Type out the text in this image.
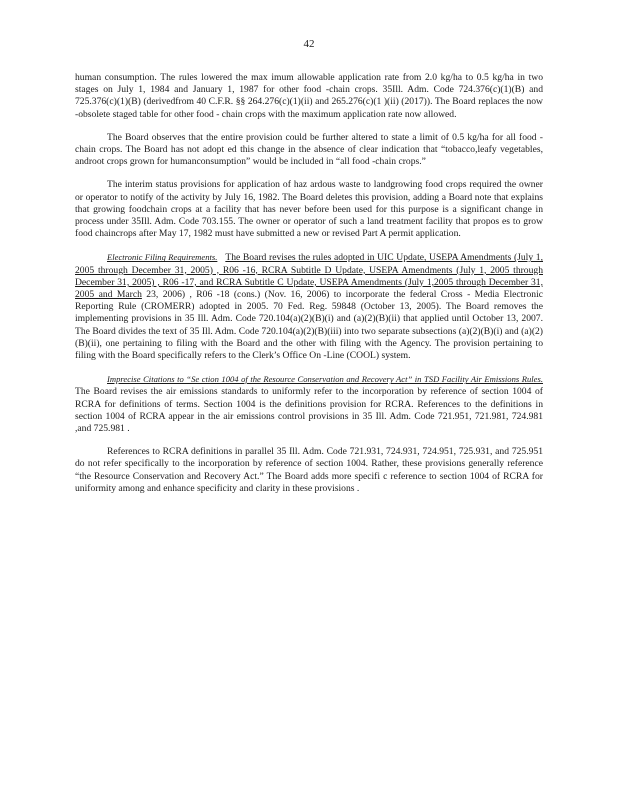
42

human consumption. The rules lowered the max imum allowable application rate from 2.0 kg/ha to 0.5 kg/ha in two stages on July 1, 1984 and January 1, 1987 for other food -chain crops. 35Ill. Adm. Code 724.376(c)(1)(B) and 725.376(c)(1)(B) (derivedfrom 40 C.F.R. §§ 264.276(c)(1)(ii) and 265.276(c)(1 )(ii) (2017)). The Board replaces the now -obsolete staged table for other food - chain crops with the maximum application rate now allowed.

The Board observes that the entire provision could be further altered to state a limit of 0.5 kg/ha for all food -chain crops. The Board has not adopt ed this change in the absence of clear indication that “tobacco,leafy vegetables, androot crops grown for humanconsumption” would be included in “all food -chain crops.”

The interim status provisions for application of haz ardous waste to landgrowing food crops required the owner or operator to notify of the activity by July 16, 1982. The Board deletes this provision, adding a Board note that explains that growing foodchain crops at a facility that has never before been used for this purpose is a significant change in process under 35Ill. Adm. Code 703.155. The owner or operator of such a land treatment facility that propos es to grow food chaincrops after May 17, 1982 must have submitted a new or revised Part A permit application.

Electronic Filing Requirements. The Board revises the rules adopted in UIC Update, USEPA Amendments (July 1, 2005 through December 31, 2005) , R06 -16, RCRA Subtitle D Update, USEPA Amendments (July 1, 2005 through December 31, 2005) , R06 -17, and RCRA Subtitle C Update, USEPA Amendments (July 1,2005 through December 31, 2005 and March 23, 2006) , R06 -18 (cons.) (Nov. 16, 2006) to incorporate the federal Cross - Media Electronic Reporting Rule (CROMERR) adopted in 2005. 70 Fed. Reg. 59848 (October 13, 2005). The Board removes the implementing provisions in 35 Ill. Adm. Code 720.104(a)(2)(B)(i) and (a)(2)(B)(ii) that applied until October 13, 2007. The Board divides the text of 35 Ill. Adm. Code 720.104(a)(2)(B)(iii) into two separate subsections (a)(2)(B)(i) and (a)(2)(B)(ii), one pertaining to filing with the Board and the other with filing with the Agency. The provision pertaining to filing with the Board specifically refers to the Clerk’s Office On -Line (COOL) system.

Imprecise Citations to “Se ction 1004 of the Resource Conservation and Recovery Act” in TSD Facility Air Emissions Rules. The Board revises the air emissions standards to uniformly refer to the incorporation by reference of section 1004 of RCRA for definitions of terms. Section 1004 is the definitions provision for RCRA. References to the definitions in section 1004 of RCRA appear in the air emissions control provisions in 35 Ill. Adm. Code 721.951, 721.981, 724.981 ,and 725.981 .

References to RCRA definitions in parallel 35 Ill. Adm. Code 721.931, 724.931, 724.951, 725.931, and 725.951 do not refer specifically to the incorporation by reference of section 1004. Rather, these provisions generally reference “the Resource Conservation and Recovery Act.” The Board adds more specifi c reference to section 1004 of RCRA for uniformity among and enhance specificity and clarity in these provisions .
